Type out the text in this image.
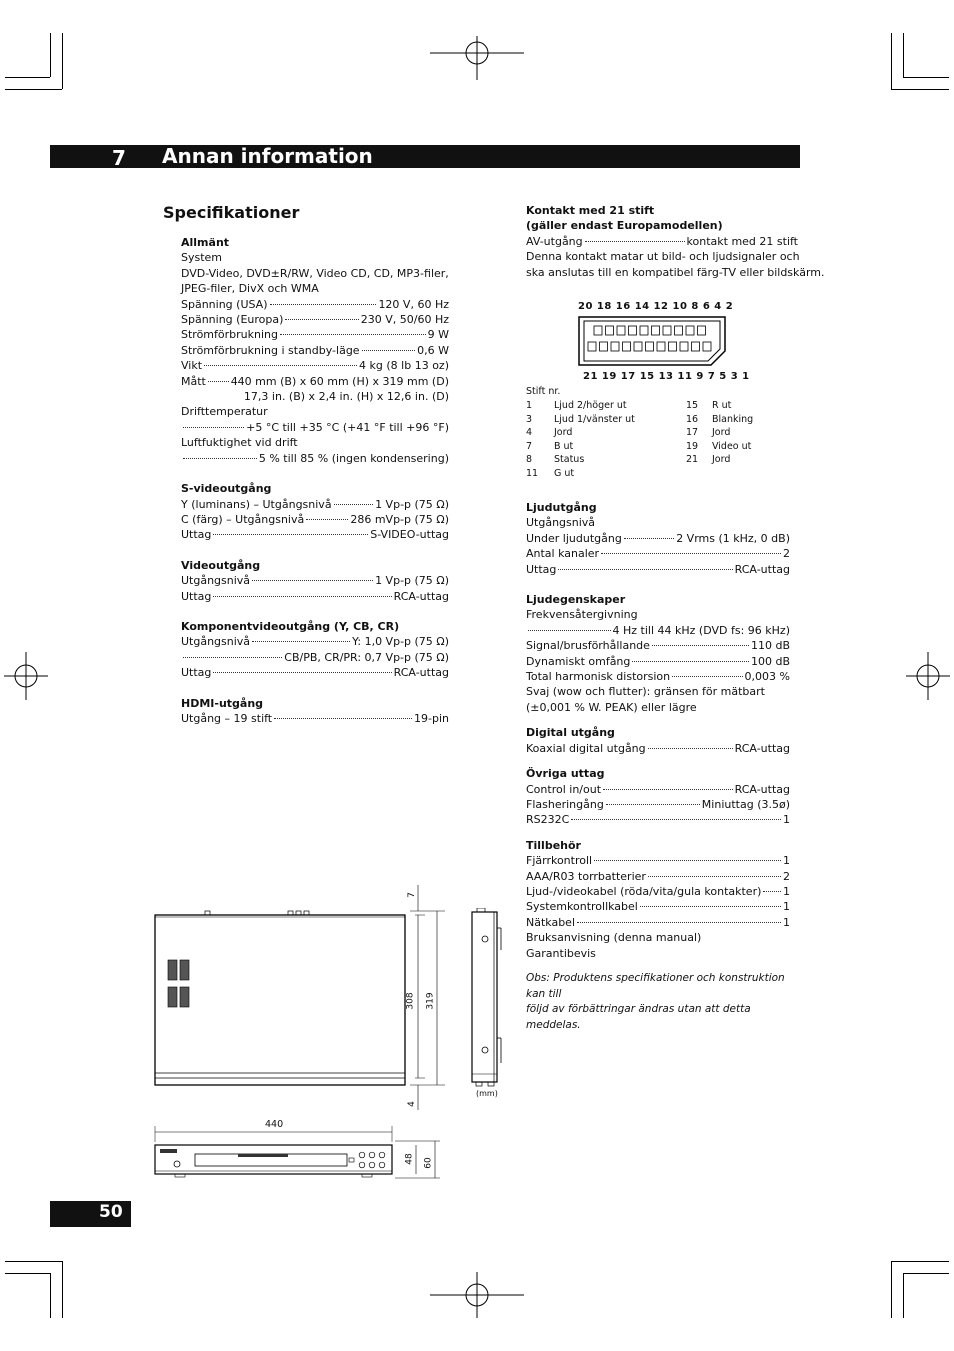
7 Annan information
Specifikationer
Allmänt
System
DVD-Video, DVD±R/RW, Video CD, CD, MP3-filer,
JPEG-filer, DivX och WMA
Spänning (USA)	120 V, 60 Hz
Spänning (Europa)	230 V, 50/60 Hz
Strömförbrukning	9 W
Strömförbrukning i standby-läge	0,6 W
Vikt	4 kg (8 lb 13 oz)
Mått 440 mm (B) x 60 mm (H) x 319 mm (D)
17,3 in. (B) x 2,4 in. (H) x 12,6 in. (D)
Drifttemperatur
+5 °C till +35 °C (+41 °F till +96 °F)
Luftfuktighet vid drift
5 % till 85 % (ingen kondensering)
S-videoutgång
Y (luminans) – Utgångsnivå	1 Vp-p (75 Ω)
C (färg) – Utgångsnivå	286 mVp-p (75 Ω)
Uttag	S-VIDEO-uttag
Videoutgång
Utgångsnivå	1 Vp-p (75 Ω)
Uttag	RCA-uttag
Komponentvideoutgång (Y, CB, CR)
Utgångsnivå	Y: 1,0 Vp-p (75 Ω)
CB/PB, CR/PR: 0,7 Vp-p (75 Ω)
Uttag	RCA-uttag
HDMI-utgång
Utgång – 19 stift	19-pin
Kontakt med 21 stift
(gäller endast Europamodellen)
AV-utgång	kontakt med 21 stift
Denna kontakt matar ut bild- och ljudsignaler och
ska anslutas till en kompatibel färg-TV eller bildskärm.
20 18 16 14 12 10 8 6 4 2
21 19 17 15 13 11 9 7 5 3 1
Stift nr.
1	Ljud 2/höger ut	15	R ut
3	Ljud 1/vänster ut	16	Blanking
4	Jord	17	Jord
7	B ut	19	Video ut
8	Status	21	Jord
11	G ut		
Ljudutgång
Utgångsnivå
Under ljudutgång	2 Vrms (1 kHz, 0 dB)
Antal kanaler	2
Uttag	RCA-uttag
Ljudegenskaper
Frekvensåtergivning
4 Hz till 44 kHz (DVD fs: 96 kHz)
Signal/brusförhållande	110 dB
Dynamiskt omfång	100 dB
Total harmonisk distorsion	0,003 %
Svaj (wow och flutter): gränsen för mätbart
(±0,001 % W. PEAK) eller lägre
Digital utgång
Koaxial digital utgång	RCA-uttag
Övriga uttag
Control in/out	RCA-uttag
Flasheringång	Miniuttag (3.5ø)
RS232C	1
Tillbehör
Fjärrkontroll	1
AAA/R03 torrbatterier	2
Ljud-/videokabel (röda/vita/gula kontakter) 1
Systemkontrollkabel	1
Nätkabel	1
Bruksanvisning (denna manual)
Garantibevis
Obs: Produktens specifikationer och konstruktion kan till
följd av förbättringar ändras utan att detta meddelas.
7
308 319
4
(mm)
440
48 60
50
